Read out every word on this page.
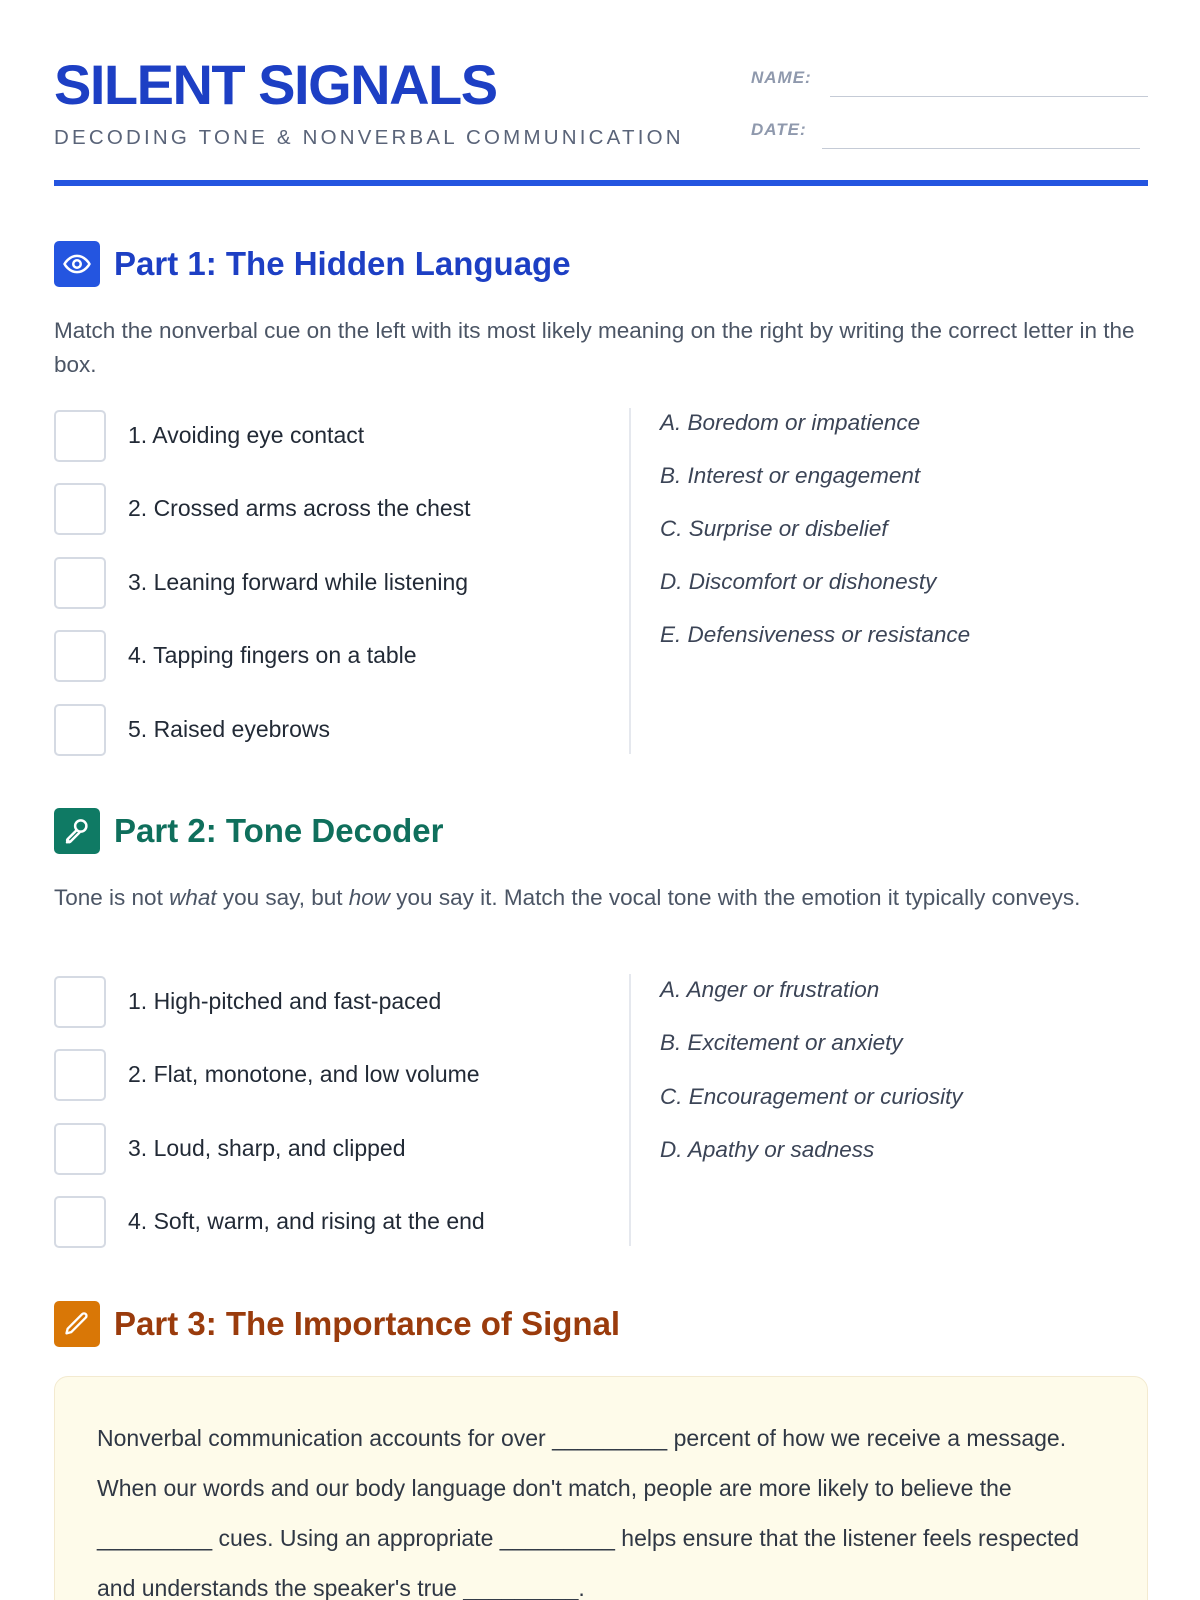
SILENT SIGNALS
DECODING TONE & NONVERBAL COMMUNICATION
NAME:
DATE:
Part 1: The Hidden Language
Match the nonverbal cue on the left with its most likely meaning on the right by writing the correct letter in the box.
1. Avoiding eye contact
2. Crossed arms across the chest
3. Leaning forward while listening
4. Tapping fingers on a table
5. Raised eyebrows
A. Boredom or impatience
B. Interest or engagement
C. Surprise or disbelief
D. Discomfort or dishonesty
E. Defensiveness or resistance
Part 2: Tone Decoder
Tone is not what you say, but how you say it. Match the vocal tone with the emotion it typically conveys.
1. High-pitched and fast-paced
2. Flat, monotone, and low volume
3. Loud, sharp, and clipped
4. Soft, warm, and rising at the end
A. Anger or frustration
B. Excitement or anxiety
C. Encouragement or curiosity
D. Apathy or sadness
Part 3: The Importance of Signal
Nonverbal communication accounts for over _________ percent of how we receive a message. When our words and our body language don't match, people are more likely to believe the _________ cues. Using an appropriate _________ helps ensure that the listener feels respected and understands the speaker's true _________.
